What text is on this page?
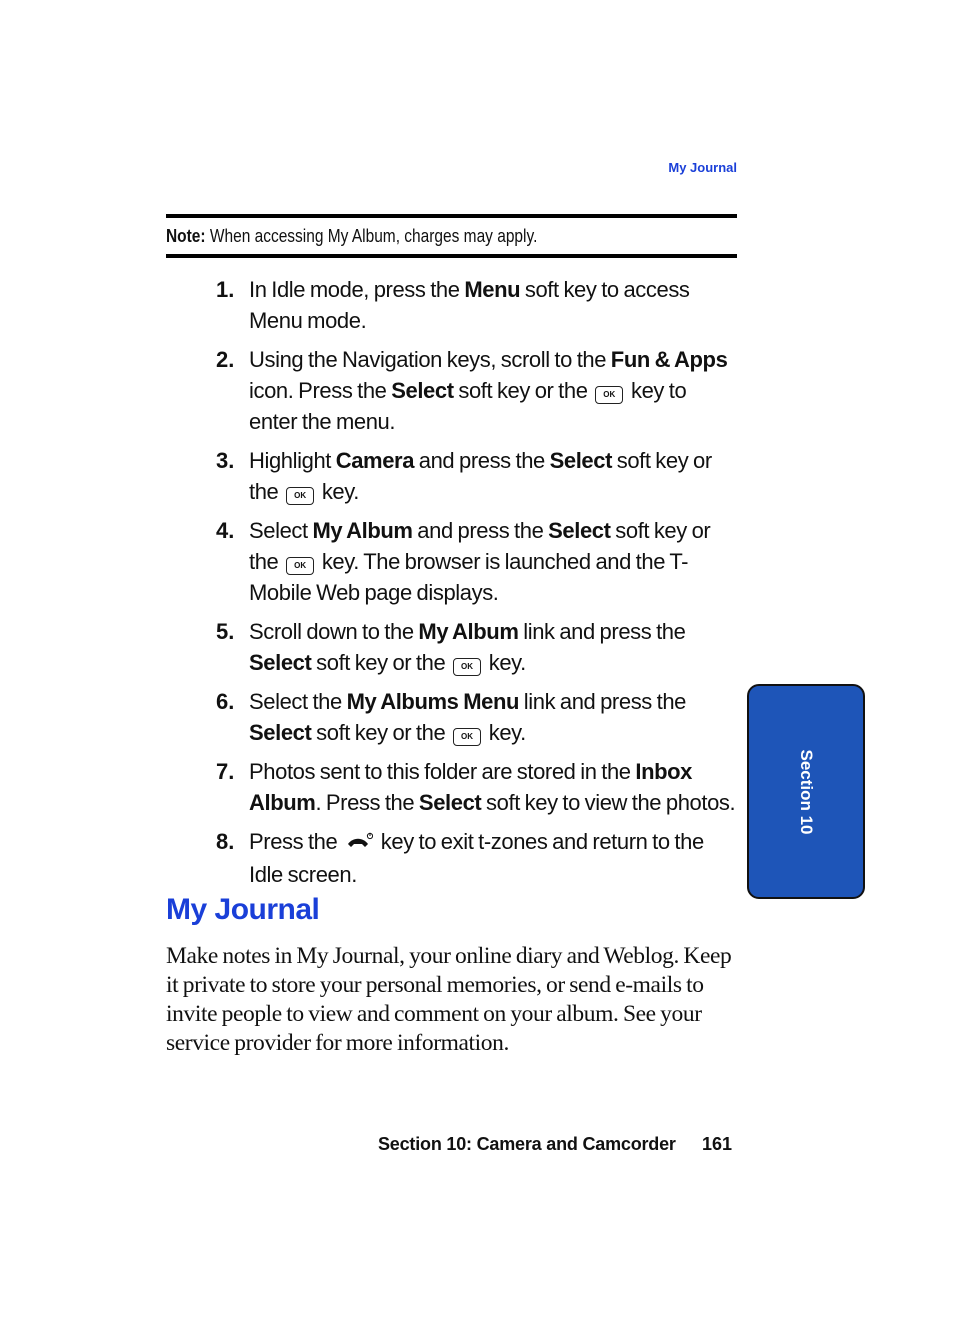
My Journal
Note: When accessing My Album, charges may apply.
1. In Idle mode, press the Menu soft key to access Menu mode.
2. Using the Navigation keys, scroll to the Fun & Apps icon. Press the Select soft key or the OK key to enter the menu.
3. Highlight Camera and press the Select soft key or the OK key.
4. Select My Album and press the Select soft key or the OK key. The browser is launched and the T-Mobile Web page displays.
5. Scroll down to the My Album link and press the Select soft key or the OK key.
6. Select the My Albums Menu link and press the Select soft key or the OK key.
7. Photos sent to this folder are stored in the Inbox Album. Press the Select soft key to view the photos.
8. Press the  key to exit t-zones and return to the Idle screen.
My Journal

Make notes in My Journal, your online diary and Weblog. Keep it private to store your personal memories, or send e-mails to invite people to view and comment on your album. See your service provider for more information.

Section 10
Section 10: Camera and Camcorder 161
